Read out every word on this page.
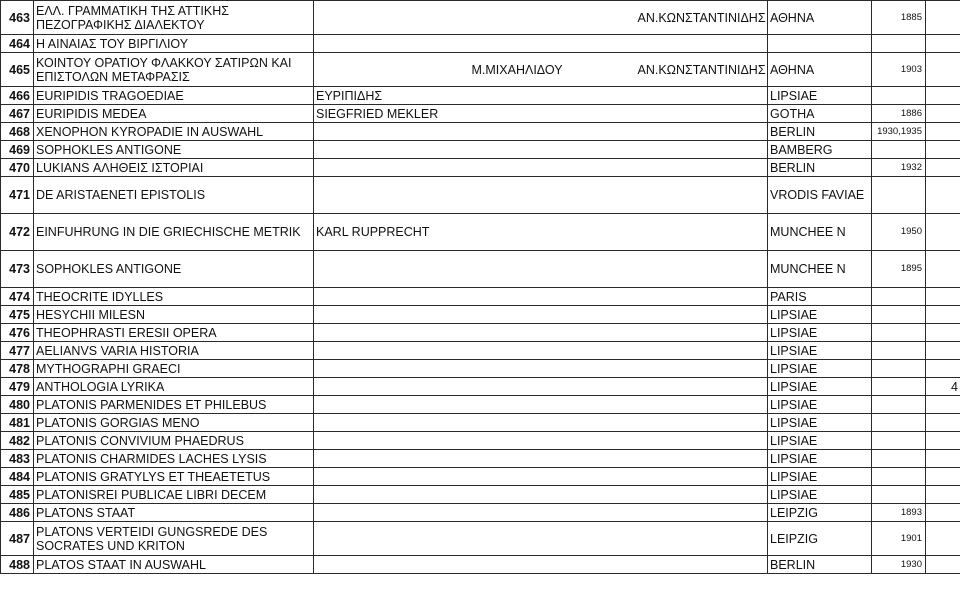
463	ΕΛΛ. ΓΡΑΜΜΑΤΙΚΗ ΤΗΣ ΑΤΤΙΚΗΣ ΠΕΖΟΓΡΑΦΙΚΗΣ ΔΙΑΛΕΚΤΟΥ			ΑΝ.ΚΩΝΣΤΑΝΤΙΝΙΔΗΣ	ΑΘΗΝΑ	1885	
464	Η ΑΙΝΑΙΑΣ ΤΟΥ ΒΙΡΓΙΛΙΟΥ						
465	ΚΟΙΝΤΟΥ ΟΡΑΤΙΟΥ ΦΛΑΚΚΟΥ ΣΑΤΙΡΩΝ ΚΑΙ ΕΠΙΣΤΟΛΩΝ ΜΕΤΑΦΡΑΣΙΣ		Μ.ΜΙΧΑΗΛΙΔΟΥ	ΑΝ.ΚΩΝΣΤΑΝΤΙΝΙΔΗΣ	ΑΘΗΝΑ	1903	
466	EURIPIDIS TRAGOEDIAE	ΕΥΡΙΠΙΔΗΣ			LIPSIAE		
467	EURIPIDIS MEDEA	SIEGFRIED MEKLER			GOTHA	1886	
468	XENOPHON KYROPADIE IN AUSWAHL				BERLIN	1930,1935	
469	SOPHOKLES ANTIGONE				BAMBERG		
470	LUKIANS ΑΛΗΘΕΙΣ ΙΣΤΟΡΙΑΙ				BERLIN	1932	
471	DE ARISTAENETI EPISTOLIS				VRODIS FAVIAE		
472	EINFUHRUNG IN DIE GRIECHISCHE METRIK	KARL RUPPRECHT			MUNCHEE N	1950	
473	SOPHOKLES ANTIGONE				MUNCHEE N	1895	
474	THEOCRITE IDYLLES				PARIS		
475	HESYCHII MILESN				LIPSIAE		
476	THEOPHRASTI ERESII OPERA				LIPSIAE		
477	AELIANVS VARIA HISTORIA				LIPSIAE		
478	MYTHOGRAPHI GRAECI				LIPSIAE		
479	ANTHOLOGIA LYRIKA				LIPSIAE		4
480	PLATONIS PARMENIDES ET PHILEBUS				LIPSIAE		
481	PLATONIS GORGIAS MENO				LIPSIAE		
482	PLATONIS CONVIVIUM PHAEDRUS				LIPSIAE		
483	PLATONIS CHARMIDES LACHES LYSIS				LIPSIAE		
484	PLATONIS GRATYLYS ET THEAETETUS				LIPSIAE		
485	PLATONISREI PUBLICAE LIBRI DECEM				LIPSIAE		
486	PLATONS STAAT				LEIPZIG	1893	
487	PLATONS VERTEIDI GUNGSREDE DES SOCRATES UND KRITON				LEIPZIG	1901	
488	PLATOS STAAT IN AUSWAHL				BERLIN	1930	
